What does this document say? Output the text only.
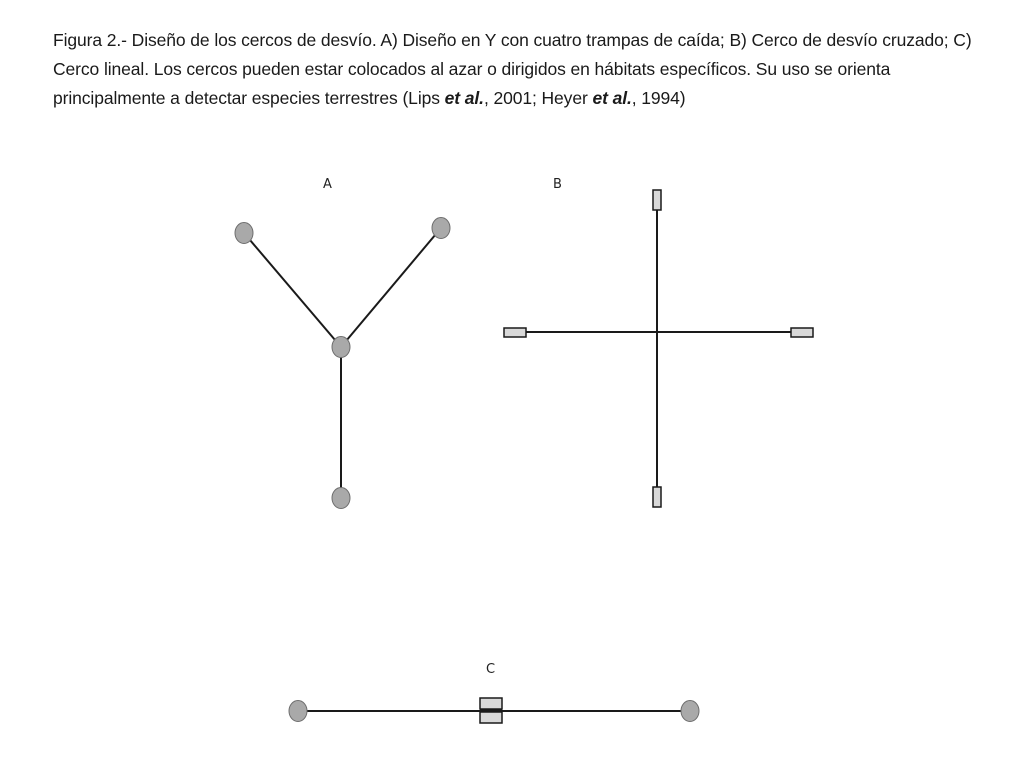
Figura 2.- Diseño de los cercos de desvío. A) Diseño en Y con cuatro trampas de caída; B) Cerco de desvío cruzado; C) Cerco lineal. Los cercos pueden estar colocados al azar o dirigidos en hábitats específicos. Su uso se orienta principalmente a detectar especies terrestres (Lips et al., 2001; Heyer et al., 1994)

A	B
C
